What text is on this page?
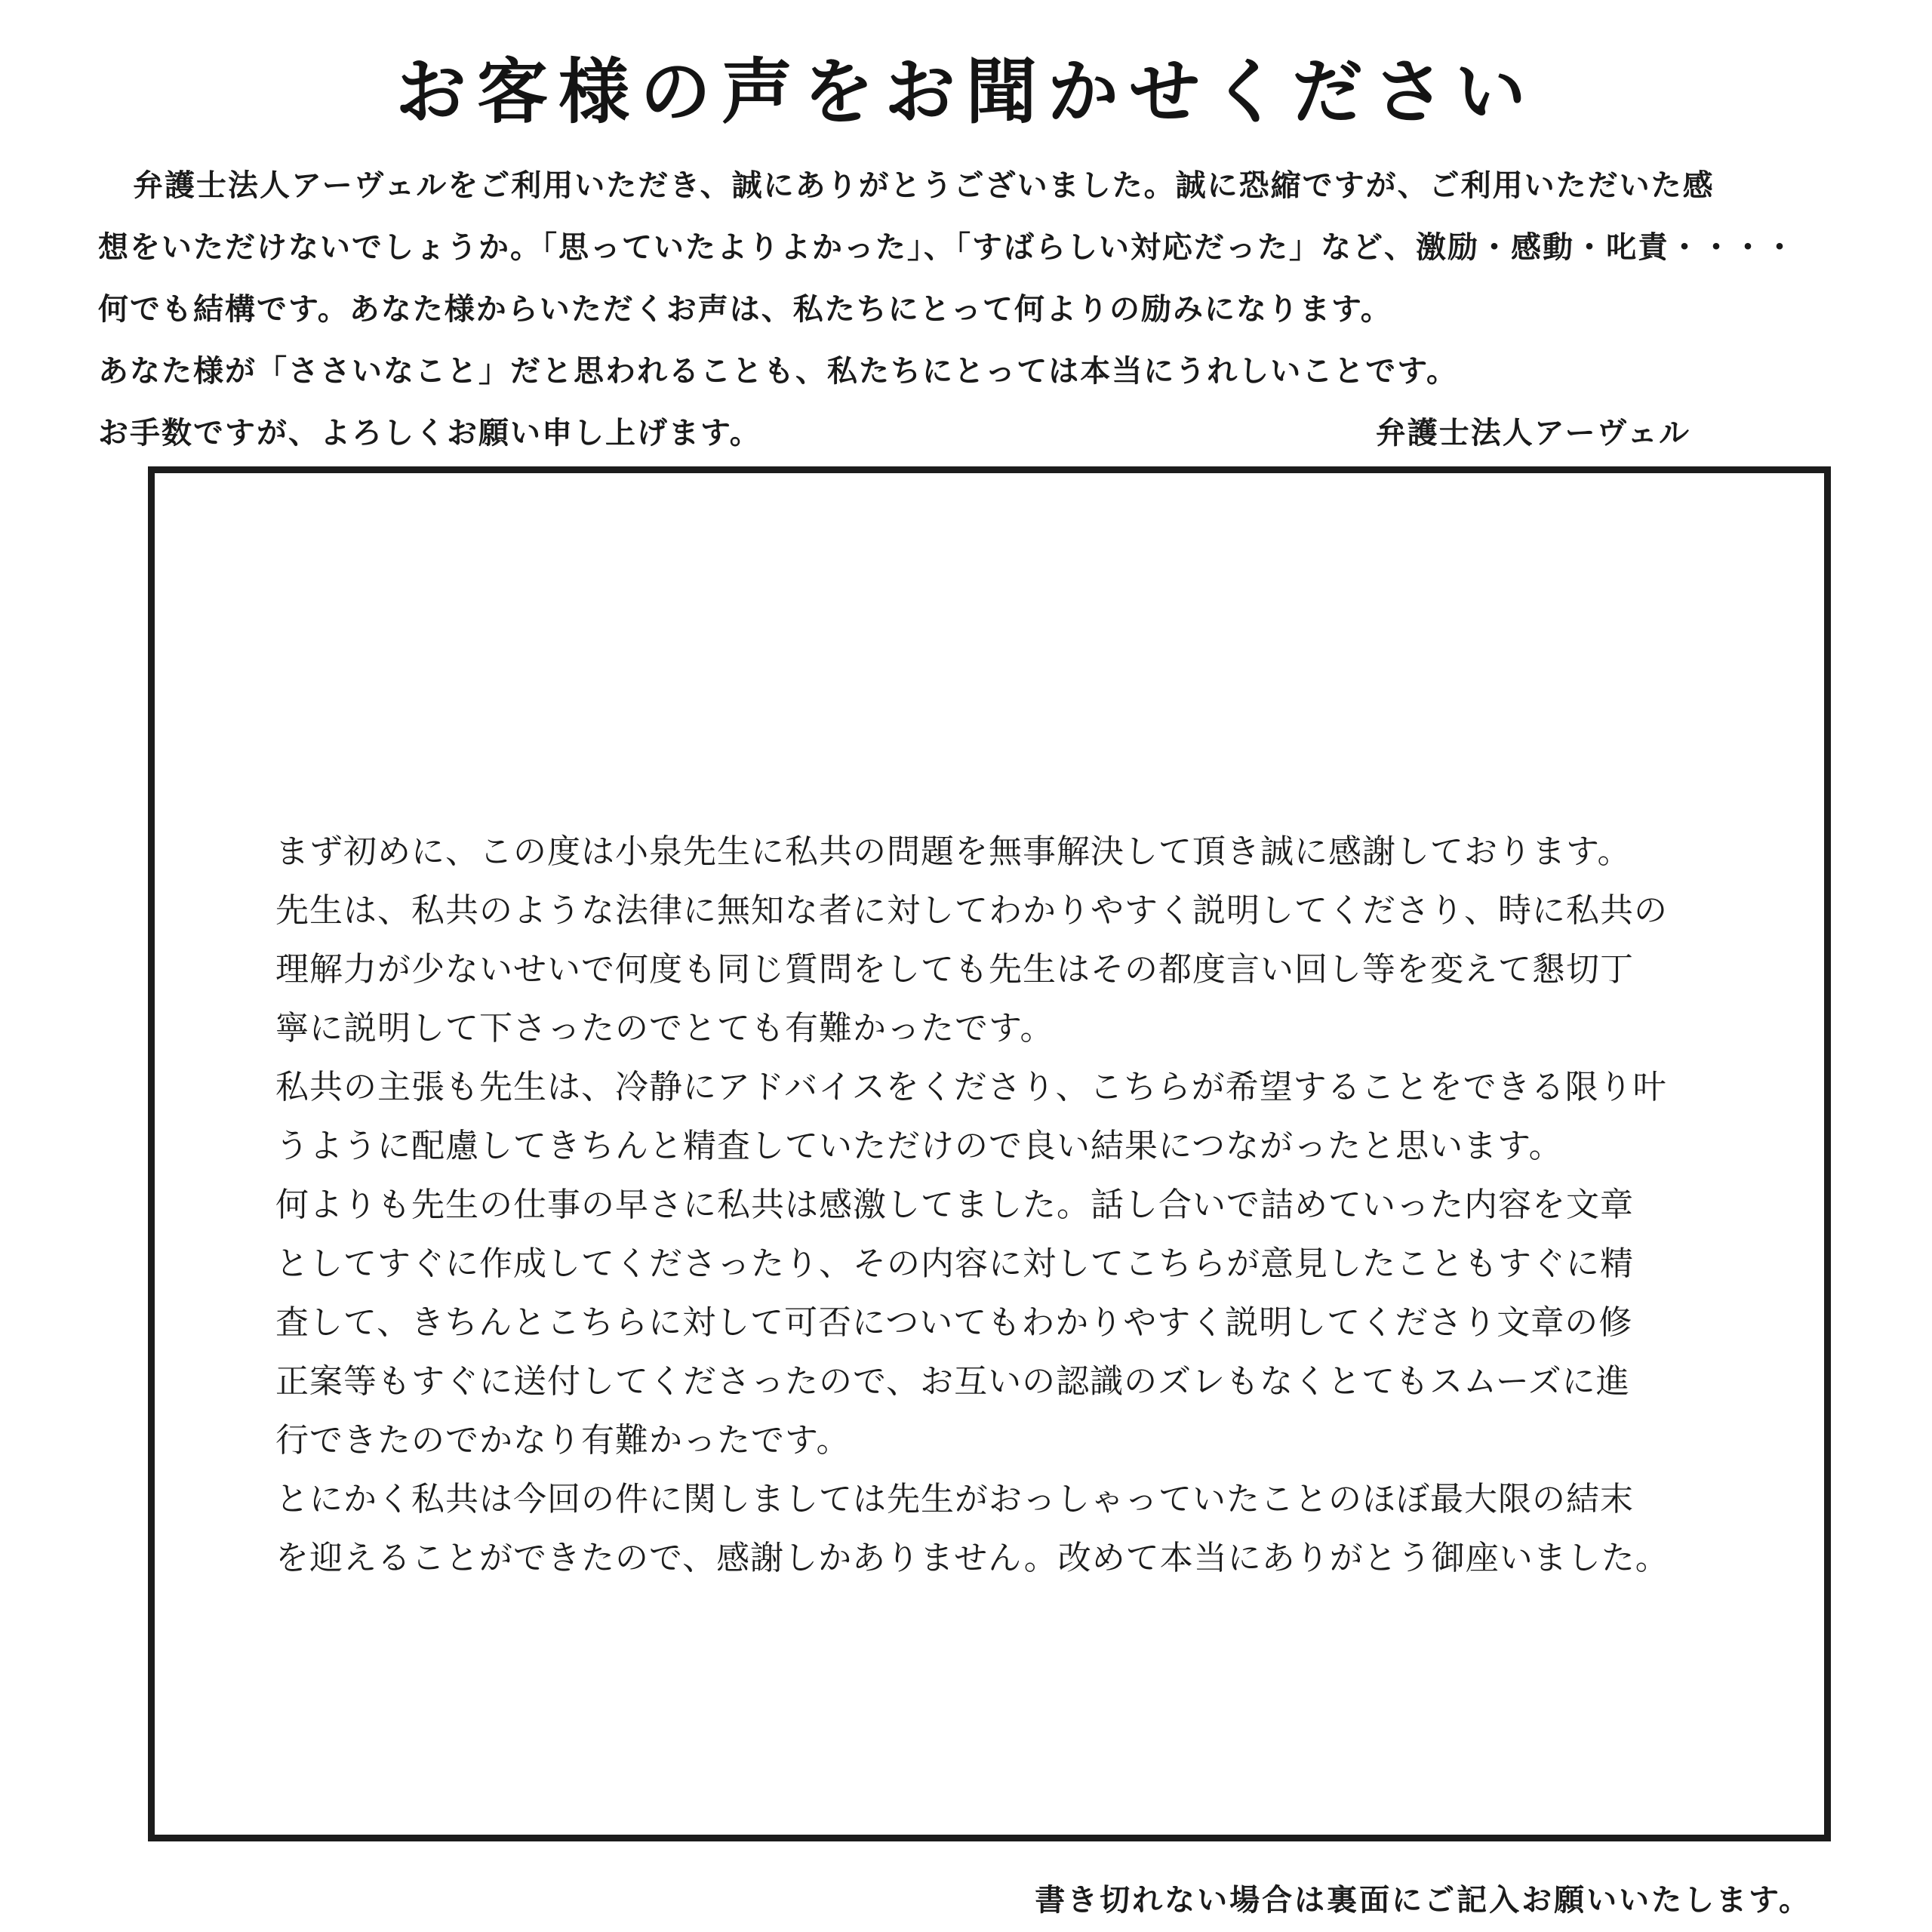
お客様の声をお聞かせください
弁護士法人アーヴェルをご利用いただき、誠にありがとうございました。誠に恐縮ですが、ご利用いただいた感
想をいただけないでしょうか。「思っていたよりよかった」、「すばらしい対応だった」など、激励・感動・叱責・・・・
何でも結構です。あなた様からいただくお声は、私たちにとって何よりの励みになります。
あなた様が「ささいなこと」だと思われることも、私たちにとっては本当にうれしいことです。
お手数ですが、よろしくお願い申し上げます。	弁護士法人アーヴェル
まず初めに、この度は小泉先生に私共の問題を無事解決して頂き誠に感謝しております。
先生は、私共のような法律に無知な者に対してわかりやすく説明してくださり、時に私共の
理解力が少ないせいで何度も同じ質問をしても先生はその都度言い回し等を変えて懇切丁
寧に説明して下さったのでとても有難かったです。
私共の主張も先生は、冷静にアドバイスをくださり、こちらが希望することをできる限り叶
うように配慮してきちんと精査していただけので良い結果につながったと思います。
何よりも先生の仕事の早さに私共は感激してました。話し合いで詰めていった内容を文章
としてすぐに作成してくださったり、その内容に対してこちらが意見したこともすぐに精
査して、きちんとこちらに対して可否についてもわかりやすく説明してくださり文章の修
正案等もすぐに送付してくださったので、お互いの認識のズレもなくとてもスムーズに進
行できたのでかなり有難かったです。
とにかく私共は今回の件に関しましては先生がおっしゃっていたことのほぼ最大限の結末
を迎えることができたので、感謝しかありません。改めて本当にありがとう御座いました。
書き切れない場合は裏面にご記入お願いいたします。
